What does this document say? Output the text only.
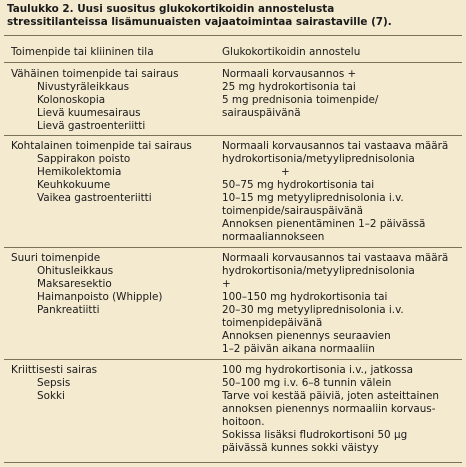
Taulukko 2. Uusi suositus glukokortikoidin annostelusta
stressitilanteissa lisämunuaisten vajaatoimintaa sairastaville (7).
Toimenpide tai kliininen tila	Glukokortikoidin annostelu
Vähäinen toimenpide tai sairaus
Nivustyräleikkaus
Kolonoskopia
Lievä kuumesairaus
Lievä gastroenteriitti
Normaali korvausannos +
25 mg hydrokortisonia tai
5 mg prednisonia toimenpide/
sairauspäivänä
Kohtalainen toimenpide tai sairaus
Sappirakon poisto
Hemikolektomia
Keuhkokuume
Vaikea gastroenteriitti
Normaali korvausannos tai vastaava määrä
hydrokortisonia/metyyliprednisolonia
+
50–75 mg hydrokortisonia tai
10–15 mg metyyliprednisolonia i.v.
toimenpide/sairauspäivänä
Annoksen pienentäminen 1–2 päivässä
normaaliannokseen
Suuri toimenpide
Ohitusleikkaus
Maksaresektio
Haimanpoisto (Whipple)
Pankreatiitti
Normaali korvausannos tai vastaava määrä
hydrokortisonia/metyyliprednisolonia
+
100–150 mg hydrokortisonia tai
20–30 mg metyyliprednisolonia i.v.
toimenpidepäivänä
Annoksen pienennys seuraavien
1–2 päivän aikana normaaliin
Kriittisesti sairas
Sepsis
Sokki
100 mg hydrokortisonia i.v., jatkossa
50–100 mg i.v. 6–8 tunnin välein
Tarve voi kestää päiviä, joten asteittainen
annoksen pienennys normaaliin korvaus-
hoitoon.
Sokissa lisäksi fludrokortisoni 50 µg
päivässä kunnes sokki väistyy
